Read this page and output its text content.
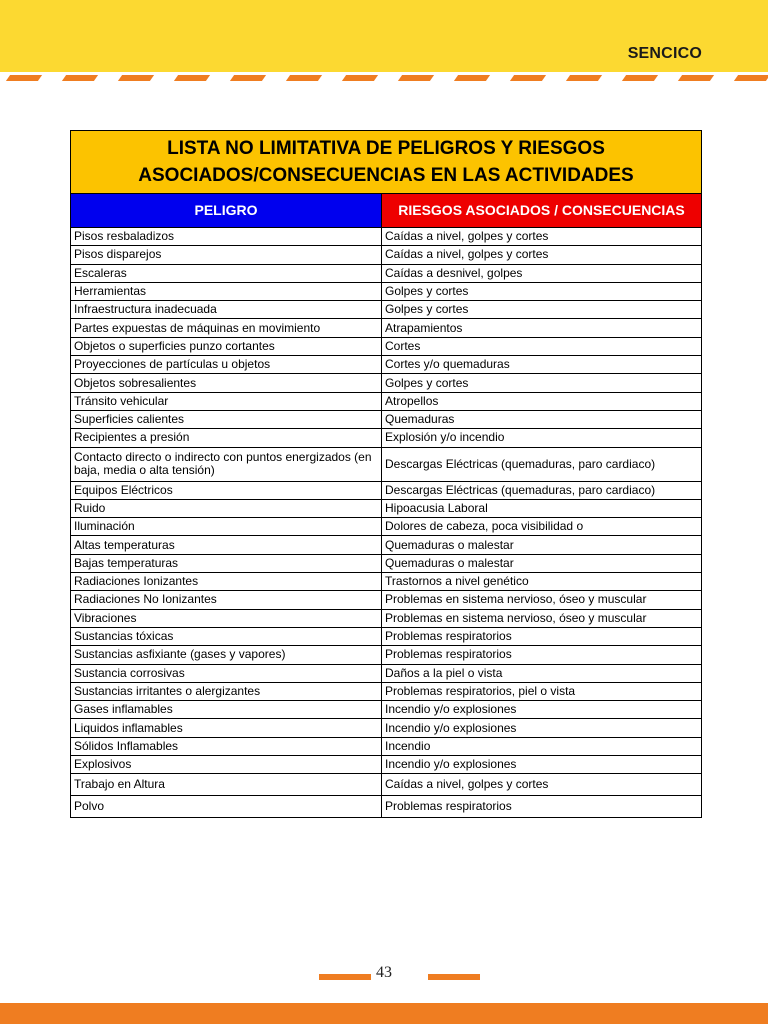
SENCICO
LISTA NO LIMITATIVA DE PELIGROS Y RIESGOS ASOCIADOS/CONSECUENCIAS EN LAS ACTIVIDADES	
PELIGRO	RIESGOS ASOCIADOS / CONSECUENCIAS
Pisos resbaladizos	Caídas a nivel, golpes y cortes
Pisos disparejos	Caídas a nivel, golpes y cortes
Escaleras	Caídas a desnivel, golpes
Herramientas	Golpes y cortes
Infraestructura inadecuada	Golpes y cortes
Partes expuestas de máquinas en movimiento	Atrapamientos
Objetos o superficies punzo cortantes	Cortes
Proyecciones de partículas u objetos	Cortes y/o quemaduras
Objetos sobresalientes	Golpes y cortes
Tránsito vehicular	Atropellos
Superficies calientes	Quemaduras
Recipientes a presión	Explosión y/o incendio
Contacto directo o indirecto con puntos energizados (en baja, media o alta tensión)	Descargas Eléctricas (quemaduras, paro cardiaco)
Equipos Eléctricos	Descargas Eléctricas (quemaduras, paro cardiaco)
Ruido	Hipoacusia Laboral
Iluminación	Dolores de cabeza, poca visibilidad o
Altas temperaturas	Quemaduras o malestar
Bajas temperaturas	Quemaduras o malestar
Radiaciones Ionizantes	Trastornos a nivel genético
Radiaciones No Ionizantes	Problemas en sistema nervioso, óseo y muscular
Vibraciones	Problemas en sistema nervioso, óseo y muscular
Sustancias tóxicas	Problemas respiratorios
Sustancias asfixiante (gases y vapores)	Problemas respiratorios
Sustancia corrosivas	Daños a la piel o vista
Sustancias irritantes o alergizantes	Problemas respiratorios, piel o vista
Gases inflamables	Incendio y/o explosiones
Liquidos inflamables	Incendio y/o explosiones
Sólidos Inflamables	Incendio
Explosivos	Incendio y/o explosiones
Trabajo en Altura	Caídas a nivel, golpes y cortes
Polvo	Problemas respiratorios
43
